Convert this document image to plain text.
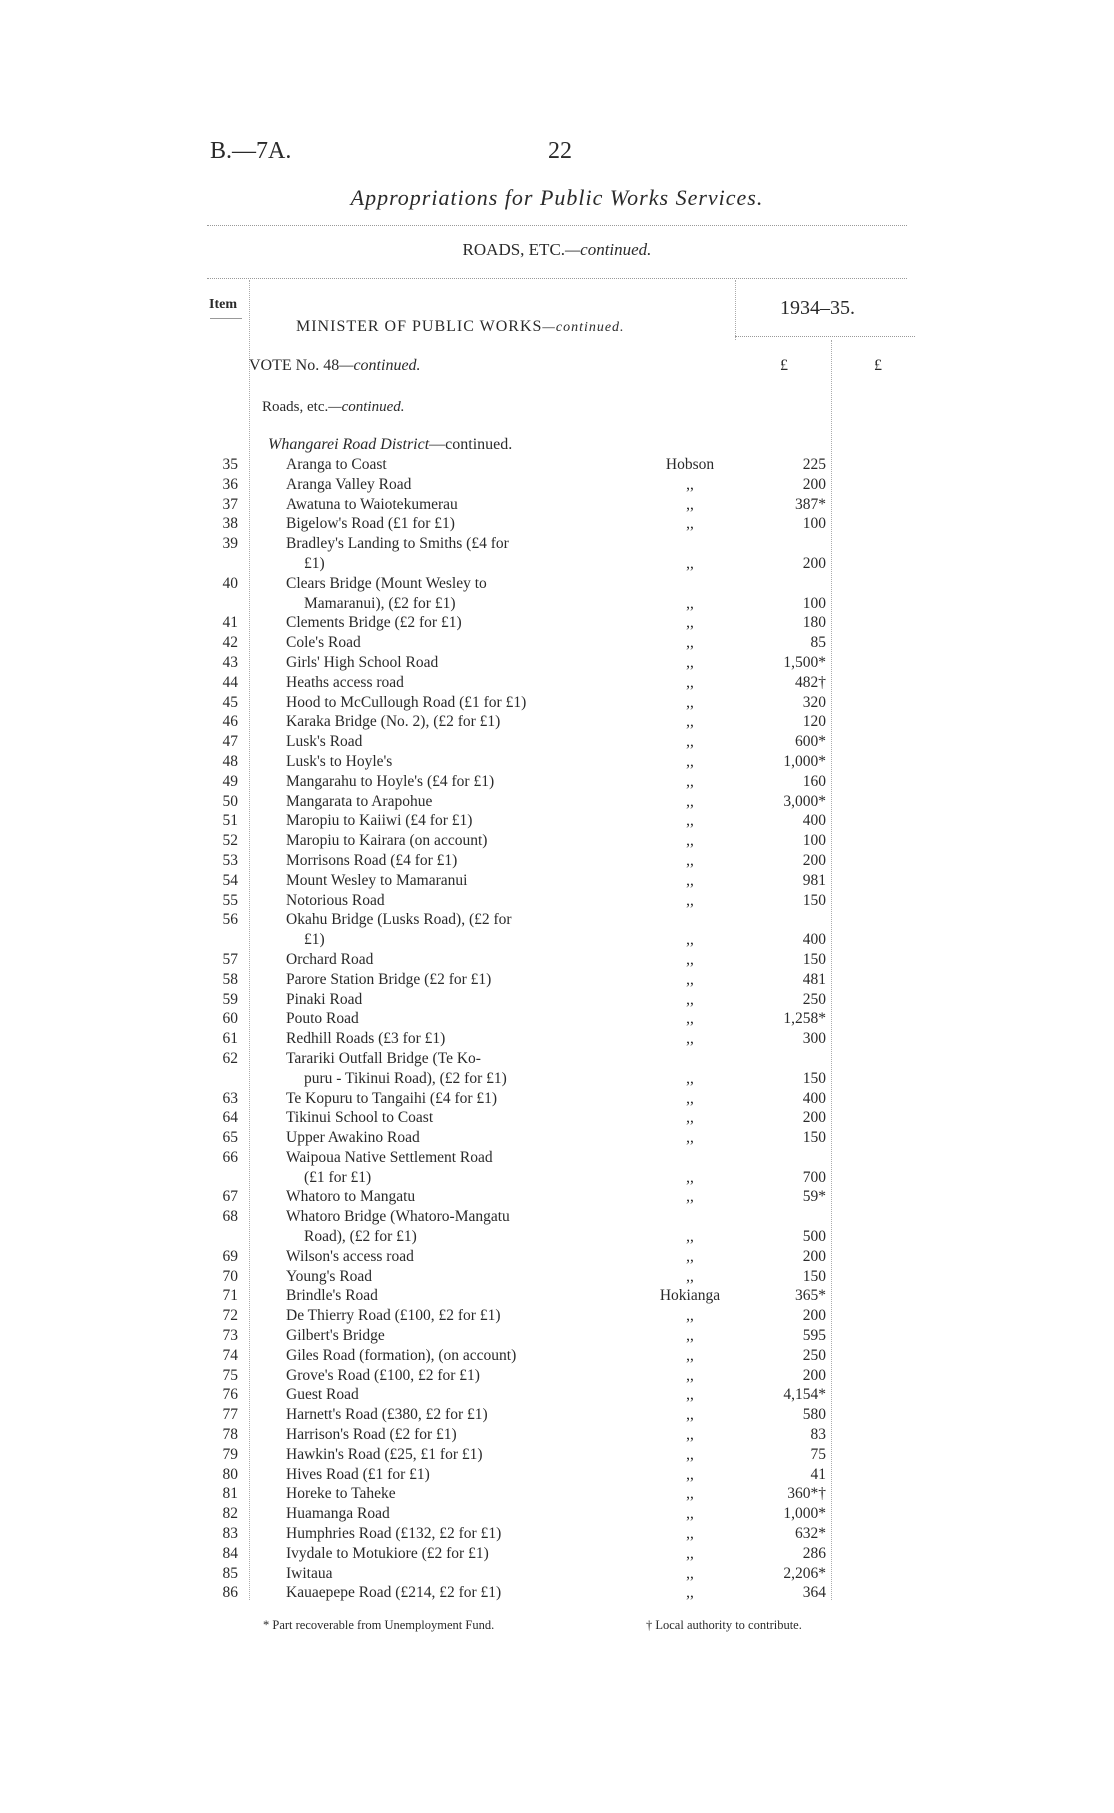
B.—7A.	22
Appropriations for Public Works Services.
ROADS, ETC.—continued.
Item
MINISTER OF PUBLIC WORKS—continued.
1934–35.
VOTE No. 48—continued.	£	£
Roads, etc.—continued.
Whangarei Road District—continued.
35	Aranga to Coast	Hobson	225
36	Aranga Valley Road	,,	200
37	Awatuna to Waiotekumerau	,,	387*
38	Bigelow's Road (£1 for £1)	,,	100
39	Bradley's Landing to Smiths (£4 for
£1)	,,	200
40	Clears Bridge (Mount Wesley to
Mamaranui), (£2 for £1)	,,	100
41	Clements Bridge (£2 for £1)	,,	180
42	Cole's Road	,,	85
43	Girls' High School Road	,,	1,500*
44	Heaths access road	,,	482†
45	Hood to McCullough Road (£1 for £1)	,,	320
46	Karaka Bridge (No. 2), (£2 for £1)	,,	120
47	Lusk's Road	,,	600*
48	Lusk's to Hoyle's	,,	1,000*
49	Mangarahu to Hoyle's (£4 for £1)	,,	160
50	Mangarata to Arapohue	,,	3,000*
51	Maropiu to Kaiiwi (£4 for £1)	,,	400
52	Maropiu to Kairara (on account)	,,	100
53	Morrisons Road (£4 for £1)	,,	200
54	Mount Wesley to Mamaranui	,,	981
55	Notorious Road	,,	150
56	Okahu Bridge (Lusks Road), (£2 for
£1)	,,	400
57	Orchard Road	,,	150
58	Parore Station Bridge (£2 for £1)	,,	481
59	Pinaki Road	,,	250
60	Pouto Road	,,	1,258*
61	Redhill Roads (£3 for £1)	,,	300
62	Tarariki Outfall Bridge (Te Ko-
puru - Tikinui Road), (£2 for £1)	,,	150
63	Te Kopuru to Tangaihi (£4 for £1)	,,	400
64	Tikinui School to Coast	,,	200
65	Upper Awakino Road	,,	150
66	Waipoua Native Settlement Road
(£1 for £1)	,,	700
67	Whatoro to Mangatu	,,	59*
68	Whatoro Bridge (Whatoro-Mangatu
Road), (£2 for £1)	,,	500
69	Wilson's access road	,,	200
70	Young's Road	,,	150
71	Brindle's Road	Hokianga	365*
72	De Thierry Road (£100, £2 for £1)	,,	200
73	Gilbert's Bridge	,,	595
74	Giles Road (formation), (on account)	,,	250
75	Grove's Road (£100, £2 for £1)	,,	200
76	Guest Road	,,	4,154*
77	Harnett's Road (£380, £2 for £1)	,,	580
78	Harrison's Road (£2 for £1)	,,	83
79	Hawkin's Road (£25, £1 for £1)	,,	75
80	Hives Road (£1 for £1)	,,	41
81	Horeke to Taheke	,,	360*†
82	Huamanga Road	,,	1,000*
83	Humphries Road (£132, £2 for £1)	,,	632*
84	Ivydale to Motukiore (£2 for £1)	,,	286
85	Iwitaua	,,	2,206*
86	Kauaepepe Road (£214, £2 for £1)	,,	364
* Part recoverable from Unemployment Fund.	† Local authority to contribute.
